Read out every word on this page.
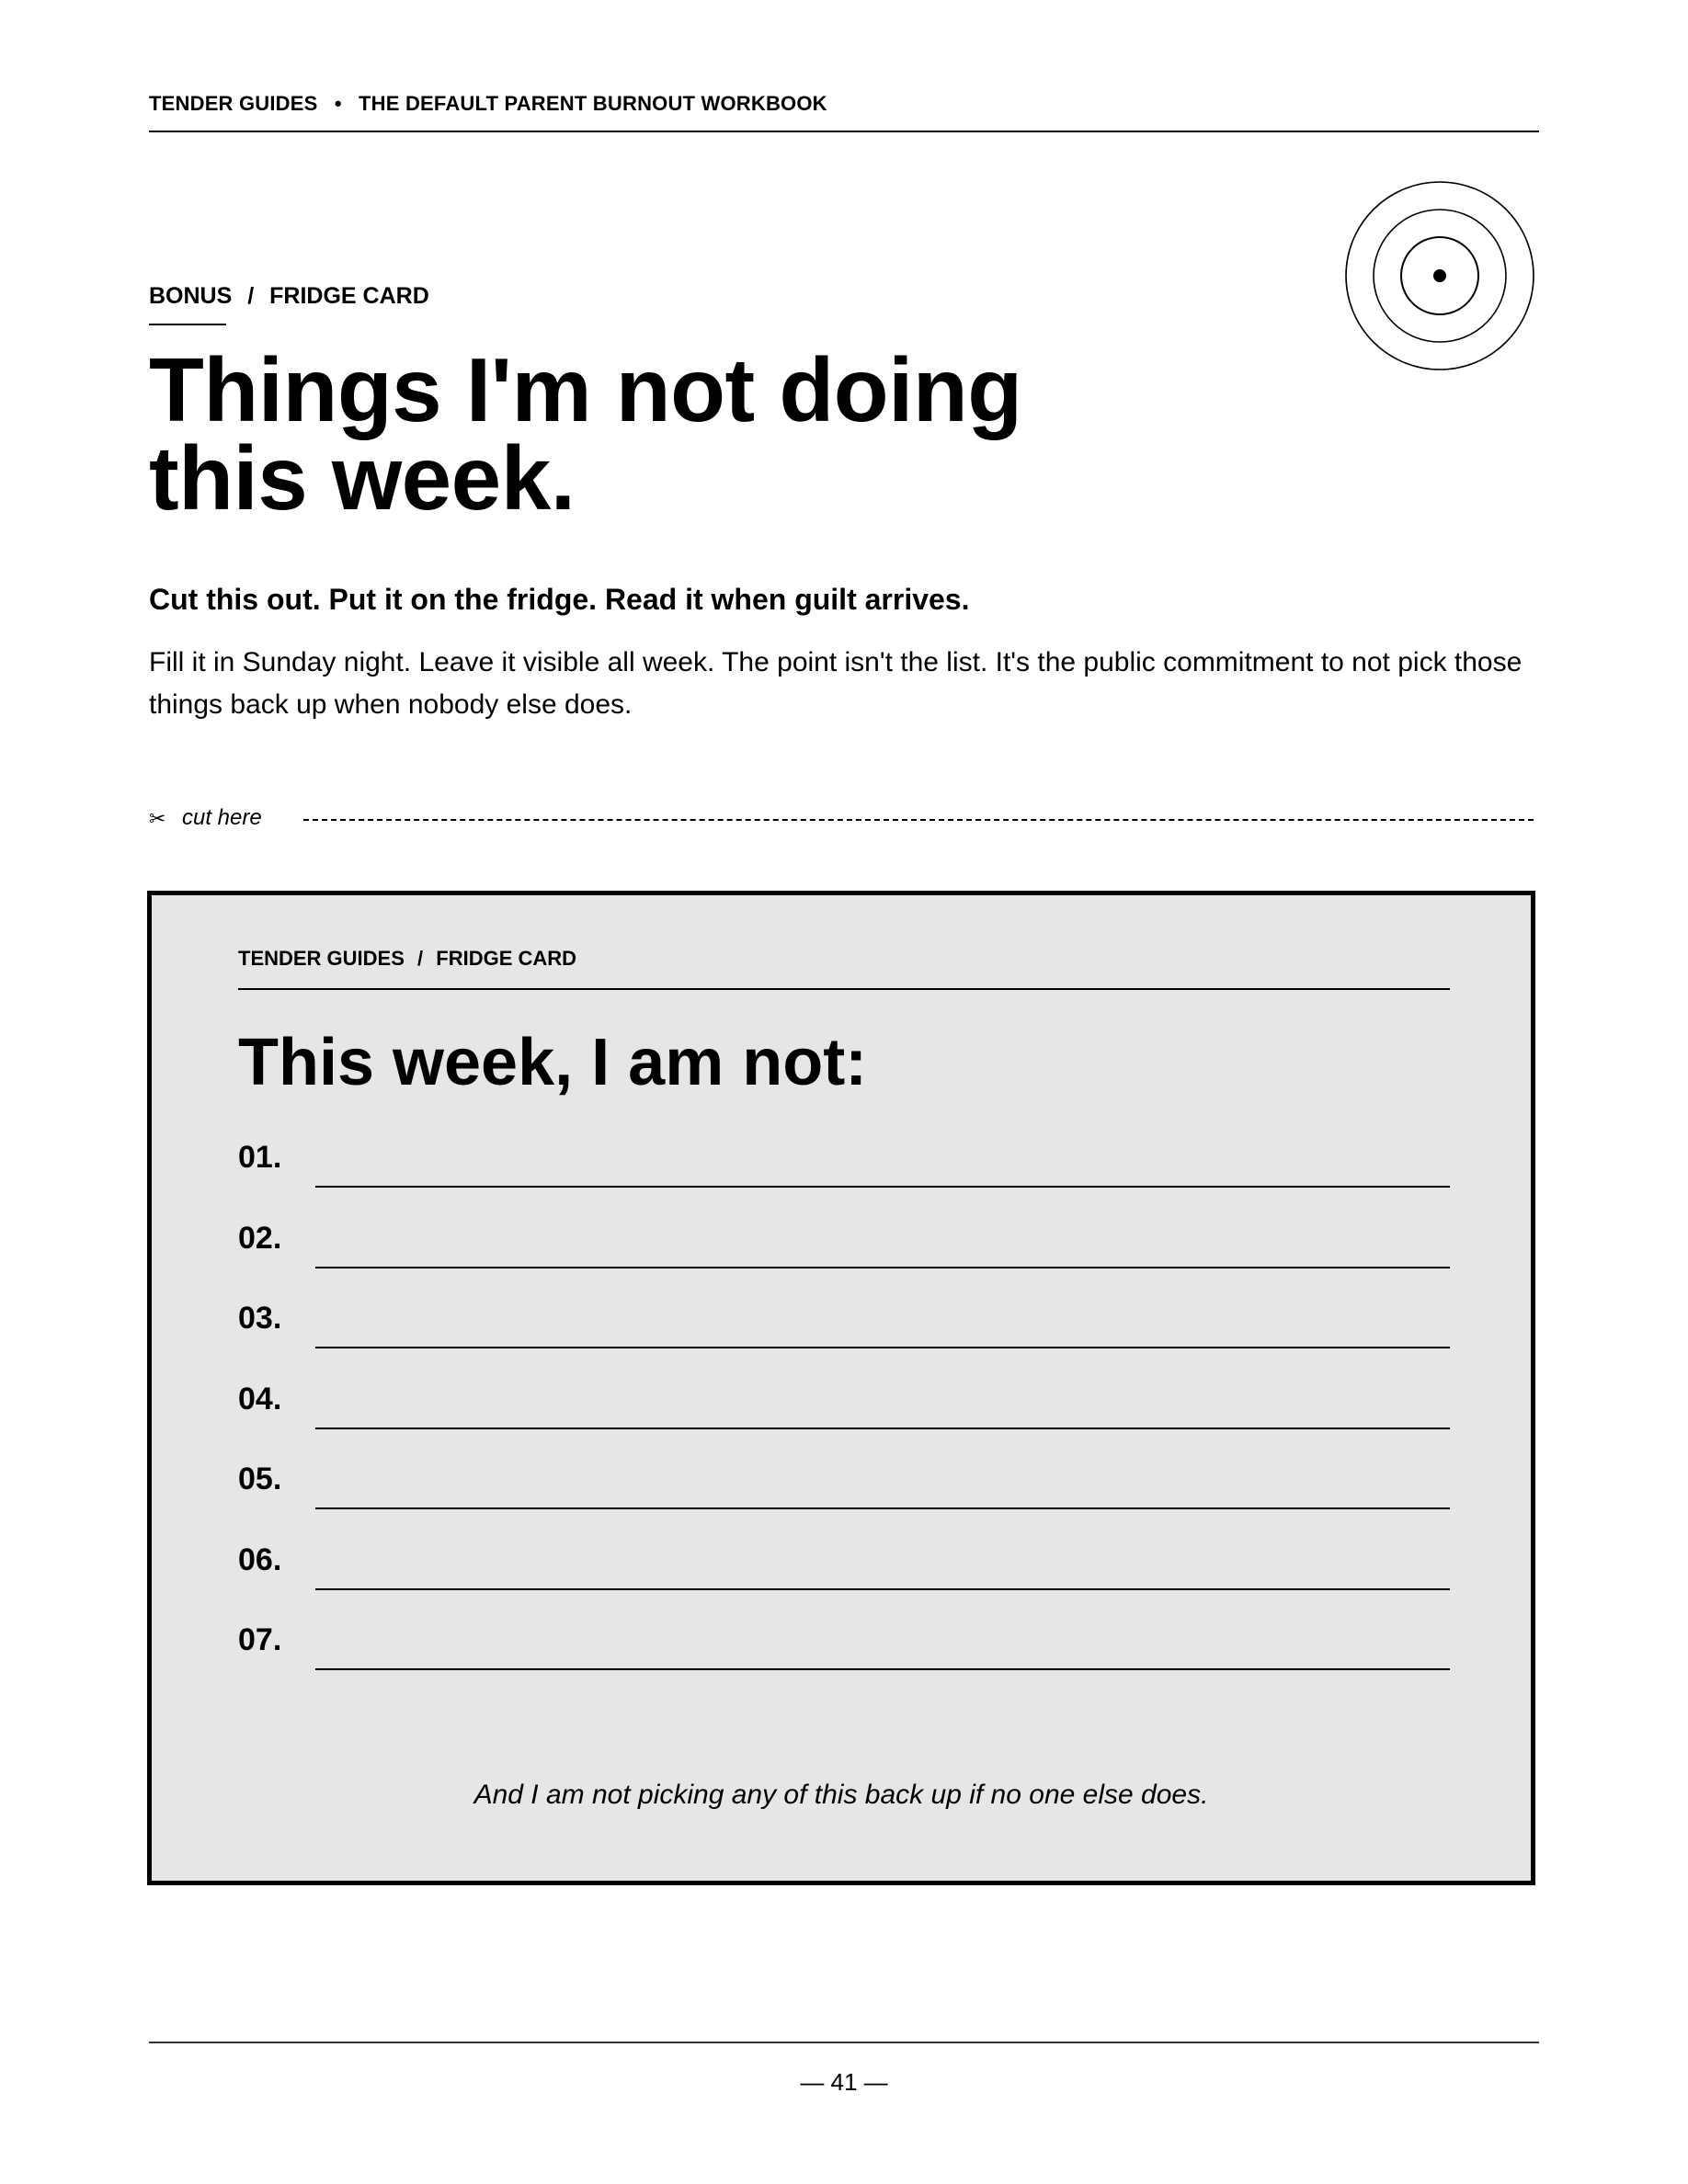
TENDER GUIDES • THE DEFAULT PARENT BURNOUT WORKBOOK
BONUS / FRIDGE CARD
Things I'm not doing
this week.
Cut this out. Put it on the fridge. Read it when guilt arrives.
Fill it in Sunday night. Leave it visible all week. The point isn't the list. It's the public commitment to not pick those things back up when nobody else does.
✂ cut here
TENDER GUIDES / FRIDGE CARD
This week, I am not:
01.
02.
03.
04.
05.
06.
07.
And I am not picking any of this back up if no one else does.
— 41 —
